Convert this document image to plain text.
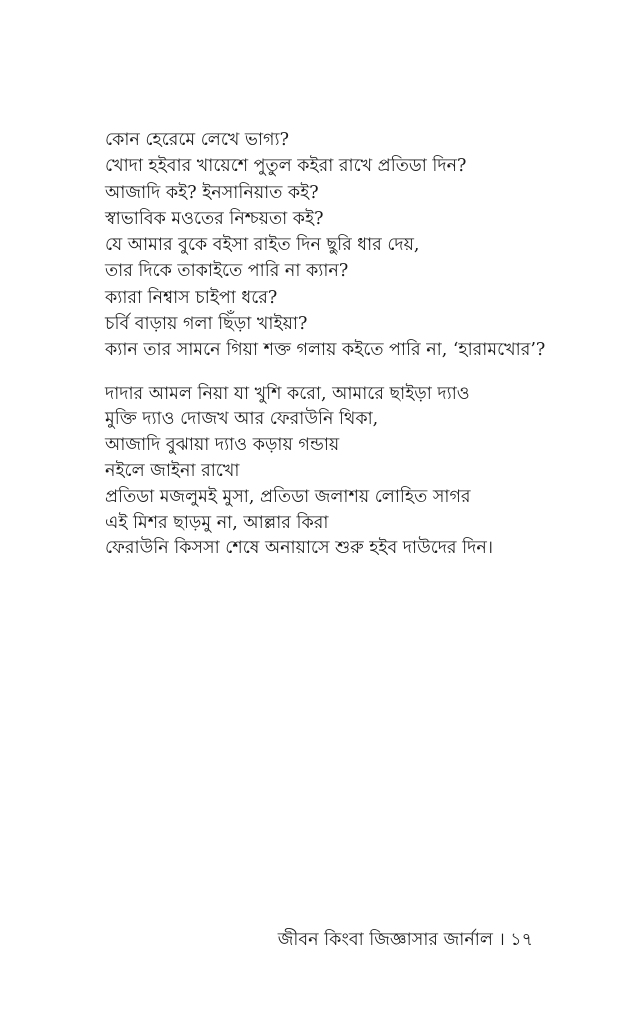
কোন হেরেমে লেখে ভাগ্য?

খোদা হইবার খায়েশে পুতুল কইরা রাখে প্রতিডা দিন?

আজাদি কই? ইনসানিয়াত কই?

স্বাভাবিক মওতের নিশ্চয়তা কই?

যে আমার বুকে বইসা রাইত দিন ছুরি ধার দেয়,

তার দিকে তাকাইতে পারি না ক্যান?

ক্যারা নিশ্বাস চাইপা ধরে?

চর্বি বাড়ায় গলা ছিঁড়া খাইয়া?

ক্যান তার সামনে গিয়া শক্ত গলায় কইতে পারি না, ‘হারামখোর’?

দাদার আমল নিয়া যা খুশি করো, আমারে ছাইড়া দ্যাও

মুক্তি দ্যাও দোজখ আর ফেরাউনি থিকা,

আজাদি বুঝায়া দ্যাও কড়ায় গন্ডায়

নইলে জাইনা রাখো

প্রতিডা মজলুমই মুসা, প্রতিডা জলাশয় লোহিত সাগর

এই মিশর ছাড়মু না, আল্লার কিরা

ফেরাউনি কিসসা শেষে অনায়াসে শুরু হইব দাউদের দিন।

জীবন কিংবা জিজ্ঞাসার জার্নাল । ১৭
